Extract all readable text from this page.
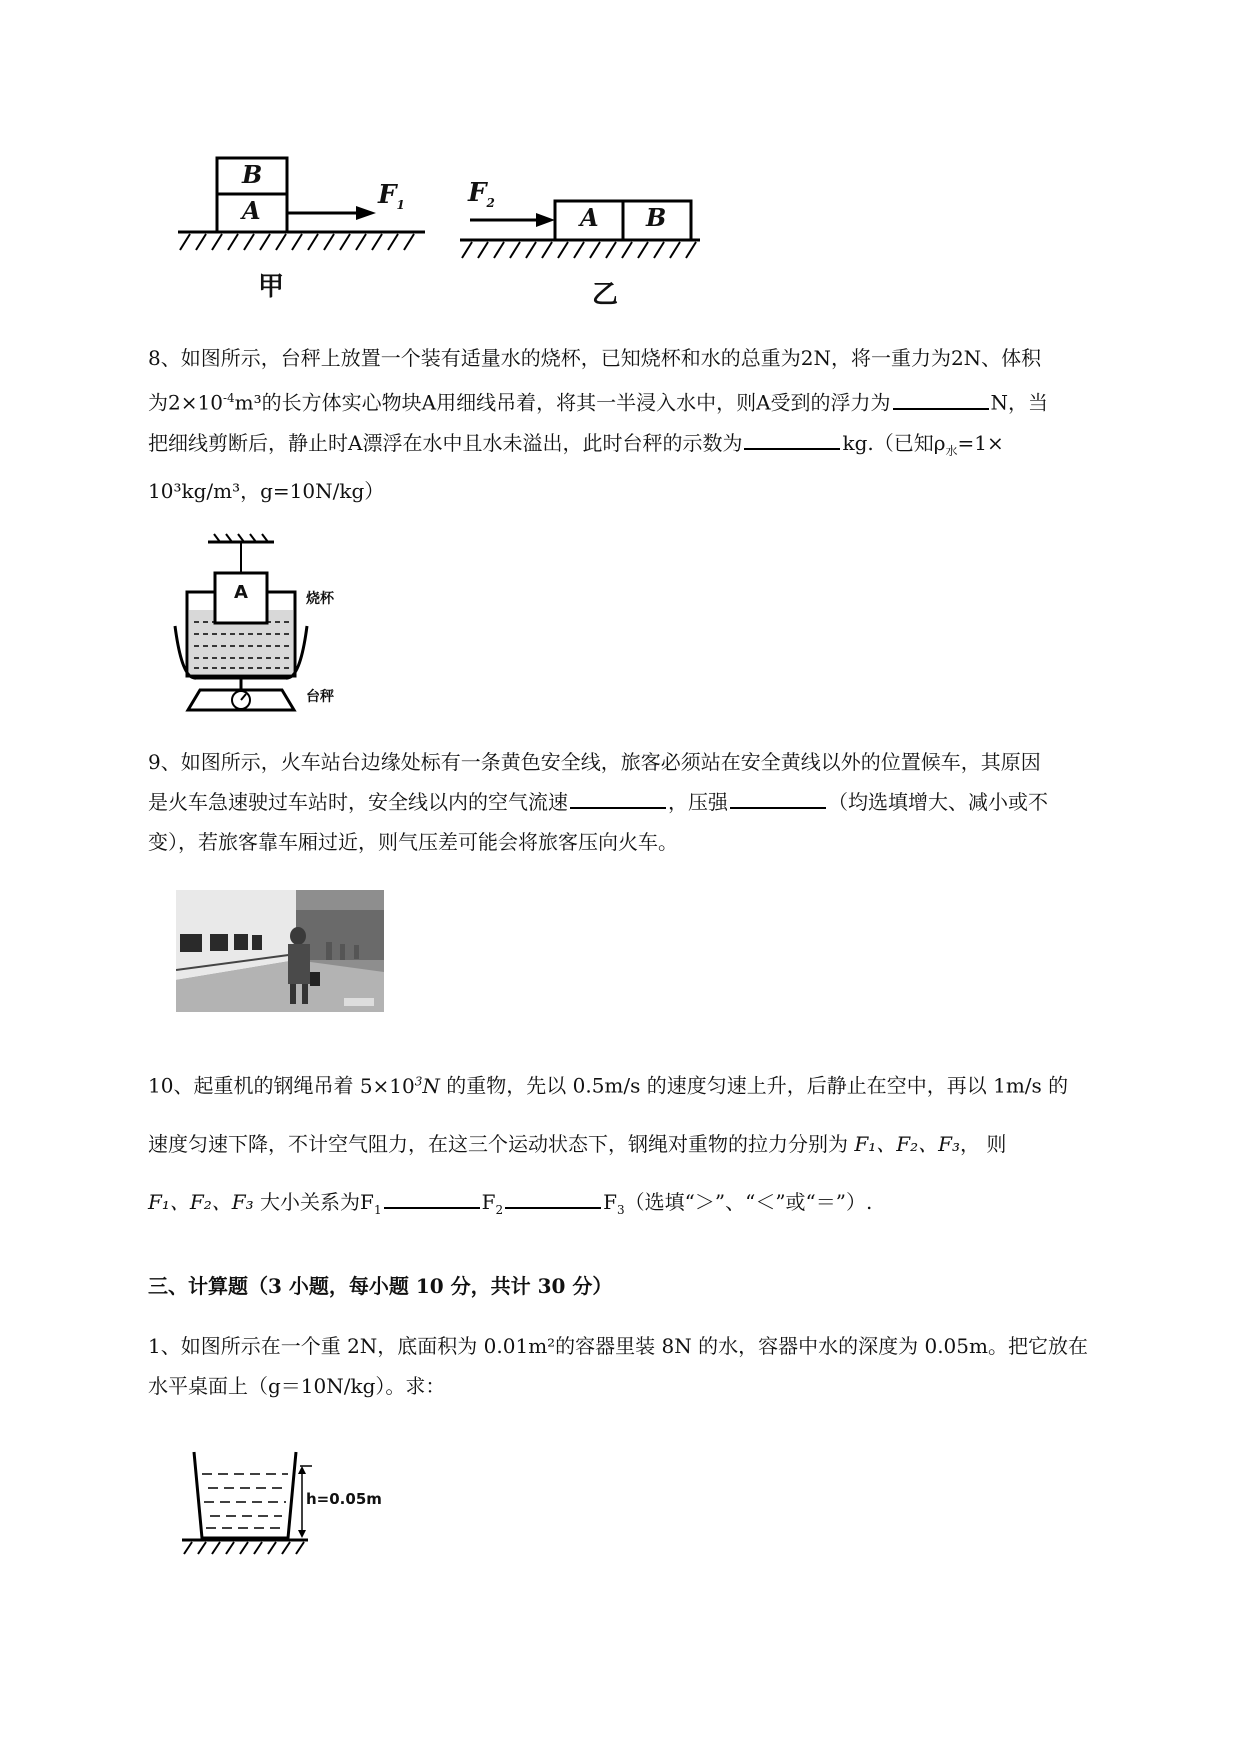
B
A
$F_1$	A B
$F_2$
甲	乙
8、如图所示，台秤上放置一个装有适量水的烧杯，已知烧杯和水的总重为2N，将一重力为2N、体积
为$2\times 10^{-4}m^3$的长方体实心物块A用细线吊着，将其一半浸入水中，则A受到的浮力为	N，当
把细线剪断后，静止时A漂浮在水中且水未溢出，此时台秤的示数为	kg.（已知$\rho_水=1\times$
10³kg/m³，g=10N/kg）
A	烧杯
台秤
9、如图所示，火车站台边缘处标有一条黄色安全线，旅客必须站在安全黄线以外的位置候车，其原因
是火车急速驶过车站时，安全线以内的空气流速	，压强	（均选填增大、减小或不
变），若旅客靠车厢过近，则气压差可能会将旅客压向火车。
10、起重机的钢绳吊着 $5\times 10^3N$ 的重物，先以 0.5m/s 的速度匀速上升，后静止在空中，再以 1m/s 的
速度匀速下降，不计空气阻力，在这三个运动状态下，钢绳对重物的拉力分别为 F₁、F₂、F₃， 则
F₁、F₂、F₃ 大小关系为$F_1$	$F_2$	$F_3$（选填“＞”、“＜”或“＝”）.
三、计算题（3 小题，每小题 10 分，共计 30 分）
1、如图所示在一个重 2N，底面积为 0.01m²的容器里装 8N 的水，容器中水的深度为 0.05m。把它放在
水平桌面上（g＝10N/kg）。求：
h=0.05m
